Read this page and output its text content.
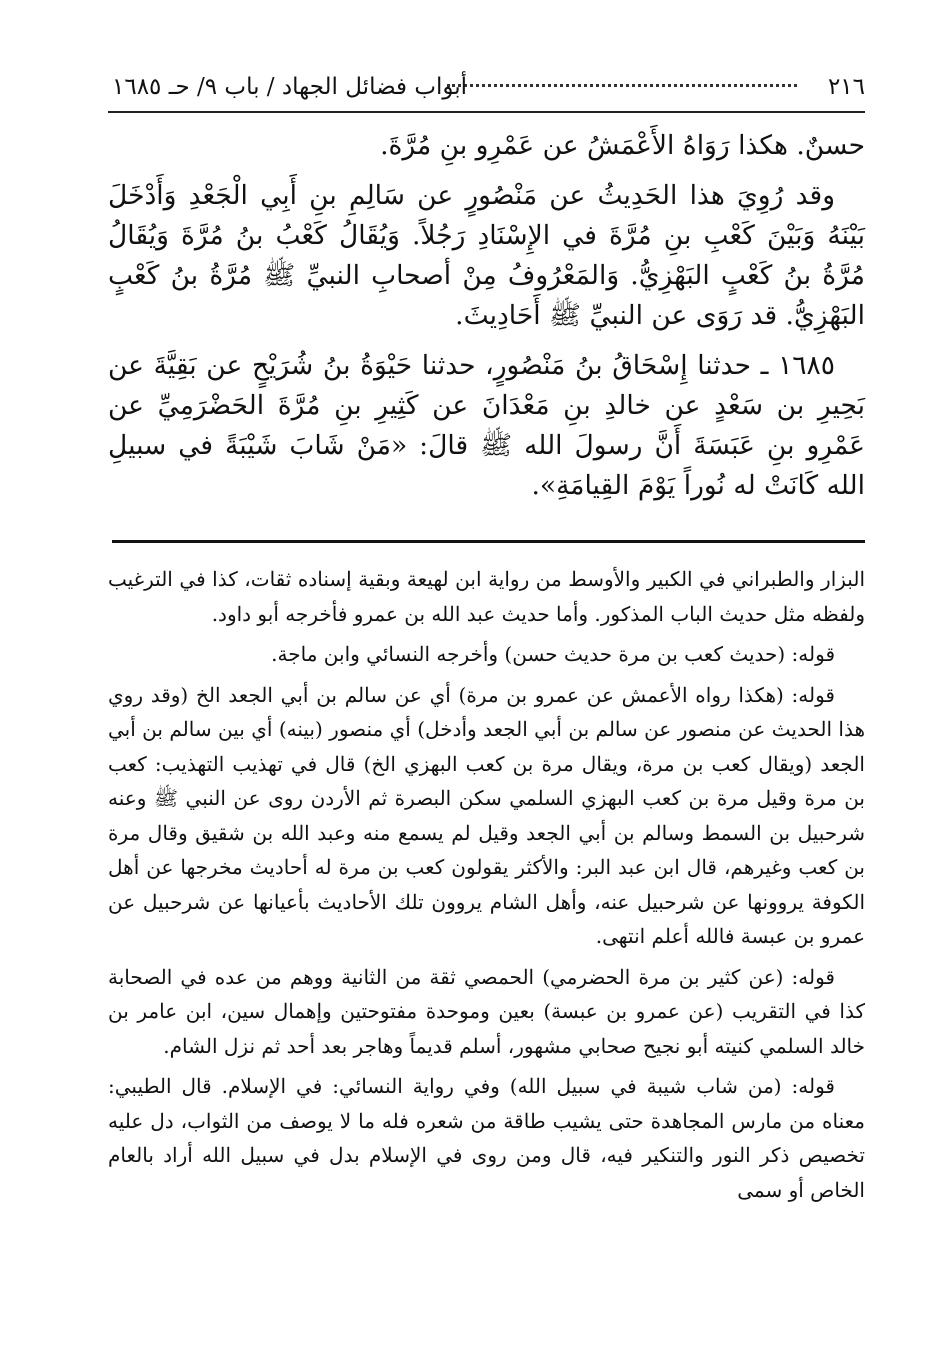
٢١٦
أبواب فضائل الجهاد / باب ٩/ حـ ١٦٨٥

حسنٌ. هكذا رَوَاهُ الأَعْمَشُ عن عَمْرِو بنِ مُرَّةَ.

وقد رُوِيَ هذا الحَدِيثُ عن مَنْصُورٍ عن سَالِمِ بنِ أَبِي الْجَعْدِ وَأَدْخَلَ بَيْنَهُ وَبَيْنَ كَعْبِ بنِ مُرَّةَ في الإِسْنَادِ رَجُلاً. وَيُقَالُ كَعْبُ بنُ مُرَّةَ وَيُقَالُ مُرَّةُ بنُ كَعْبٍ البَهْزِيُّ. وَالمَعْرُوفُ مِنْ أصحابِ النبيِّ ﷺ مُرَّةُ بنُ كَعْبٍ البَهْزِيُّ. قد رَوَى عن النبيِّ ﷺ أَحَادِيثَ.

١٦٨٥ ـ حدثنا إِسْحَاقُ بنُ مَنْصُورٍ، حدثنا حَيْوَةُ بنُ شُرَيْحٍ عن بَقِيَّةَ عن بَحِيرِ بن سَعْدٍ عن خالدِ بنِ مَعْدَانَ عن كَثِيرِ بنِ مُرَّةَ الحَضْرَمِيِّ عن عَمْرِو بنِ عَبَسَةَ أَنَّ رسولَ الله ﷺ قالَ: «مَنْ شَابَ شَيْبَةً في سبيلِ الله كَانَتْ له نُوراً يَوْمَ القِيامَةِ».

البزار والطبراني في الكبير والأوسط من رواية ابن لهيعة وبقية إسناده ثقات، كذا في الترغيب ولفظه مثل حديث الباب المذكور. وأما حديث عبد الله بن عمرو فأخرجه أبو داود.

قوله: (حديث كعب بن مرة حديث حسن) وأخرجه النسائي وابن ماجة.

قوله: (هكذا رواه الأعمش عن عمرو بن مرة) أي عن سالم بن أبي الجعد الخ (وقد روي هذا الحديث عن منصور عن سالم بن أبي الجعد وأدخل) أي منصور (بينه) أي بين سالم بن أبي الجعد (ويقال كعب بن مرة، ويقال مرة بن كعب البهزي الخ) قال في تهذيب التهذيب: كعب بن مرة وقيل مرة بن كعب البهزي السلمي سكن البصرة ثم الأردن روى عن النبي ﷺ وعنه شرحبيل بن السمط وسالم بن أبي الجعد وقيل لم يسمع منه وعبد الله بن شقيق وقال مرة بن كعب وغيرهم، قال ابن عبد البر: والأكثر يقولون كعب بن مرة له أحاديث مخرجها عن أهل الكوفة يروونها عن شرحبيل عنه، وأهل الشام يروون تلك الأحاديث بأعيانها عن شرحبيل عن عمرو بن عبسة فالله أعلم انتهى.

قوله: (عن كثير بن مرة الحضرمي) الحمصي ثقة من الثانية ووهم من عده في الصحابة كذا في التقريب (عن عمرو بن عبسة) بعين وموحدة مفتوحتين وإهمال سين، ابن عامر بن خالد السلمي كنيته أبو نجيح صحابي مشهور، أسلم قديماً وهاجر بعد أحد ثم نزل الشام.

قوله: (من شاب شيبة في سبيل الله) وفي رواية النسائي: في الإسلام. قال الطيبي: معناه من مارس المجاهدة حتى يشيب طاقة من شعره فله ما لا يوصف من الثواب، دل عليه تخصيص ذكر النور والتنكير فيه، قال ومن روى في الإسلام بدل في سبيل الله أراد بالعام الخاص أو سمى
